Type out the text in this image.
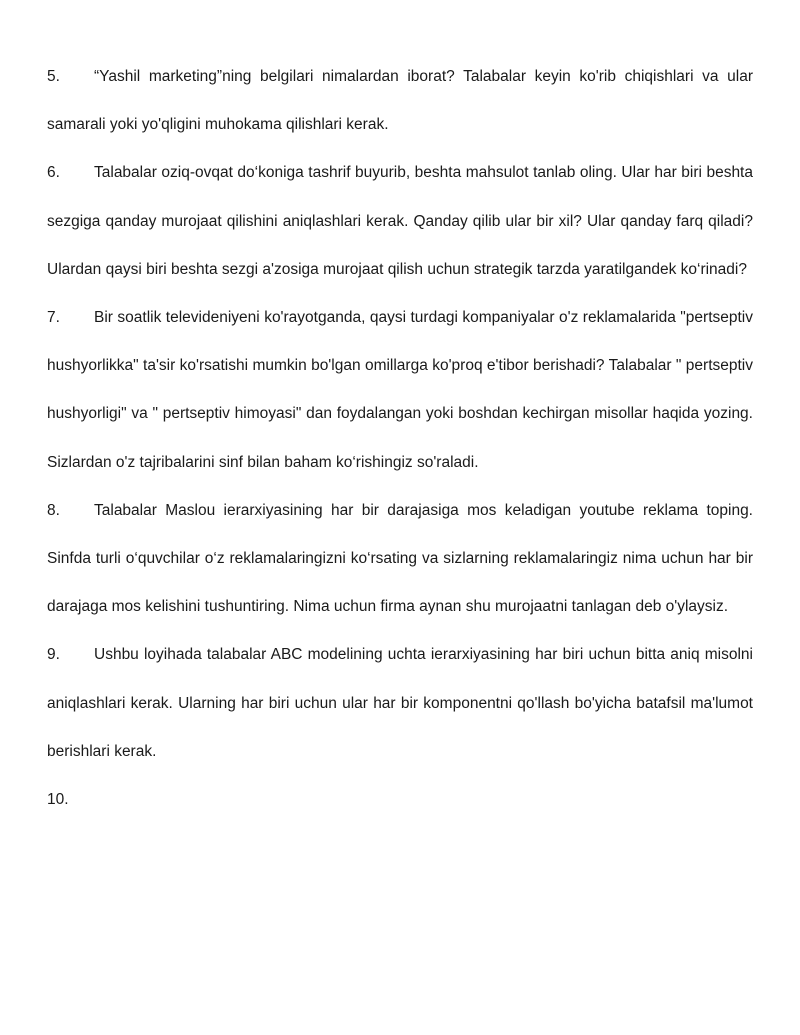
5. “Yashil marketing”ning belgilari nimalardan iborat? Talabalar keyin ko'rib chiqishlari va ular samarali yoki yo'qligini muhokama qilishlari kerak.

6. Talabalar oziq-ovqat do‘koniga tashrif buyurib, beshta mahsulot tanlab oling. Ular har biri beshta sezgiga qanday murojaat qilishini aniqlashlari kerak. Qanday qilib ular bir xil? Ular qanday farq qiladi? Ulardan qaysi biri beshta sezgi a'zosiga murojaat qilish uchun strategik tarzda yaratilgandek ko‘rinadi?

7. Bir soatlik televideniyeni ko'rayotganda, qaysi turdagi kompaniyalar o'z reklamalarida "pertseptiv hushyorlikka" ta'sir ko'rsatishi mumkin bo'lgan omillarga ko'proq e'tibor berishadi? Talabalar " pertseptiv hushyorligi" va " pertseptiv himoyasi" dan foydalangan yoki boshdan kechirgan misollar haqida yozing. Sizlardan o'z tajribalarini sinf bilan baham ko‘rishingiz so'raladi.

8. Talabalar Maslou ierarxiyasining har bir darajasiga mos keladigan youtube reklama toping. Sinfda turli o‘quvchilar o‘z reklamalaringizni ko‘rsating va sizlarning reklamalaringiz nima uchun har bir darajaga mos kelishini tushuntiring. Nima uchun firma aynan shu murojaatni tanlagan deb o'ylaysiz.

9. Ushbu loyihada talabalar ABC modelining uchta ierarxiyasining har biri uchun bitta aniq misolni aniqlashlari kerak. Ularning har biri uchun ular har bir komponentni qo'llash bo'yicha batafsil ma'lumot berishlari kerak.

10.
